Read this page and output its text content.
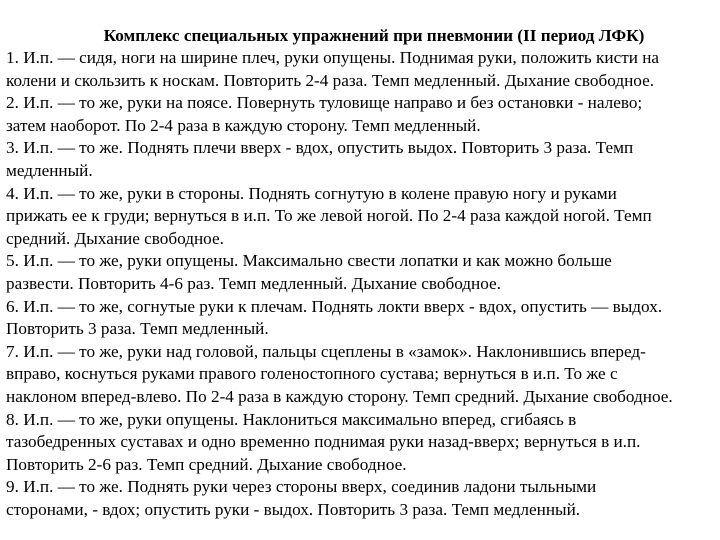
Комплекс специальных упражнений при пневмонии (II период ЛФК)
1. И.п. — сидя, ноги на ширине плеч, руки опущены. Поднимая руки, положить кисти на
колени и скользить к носкам. Повторить 2-4 раза. Темп медленный. Дыхание свободное.
2. И.п. — то же, руки на поясе. Повернуть туловище направо и без остановки - налево;
затем наоборот. По 2-4 раза в каждую сторону. Темп медленный.
3. И.п. — то же. Поднять плечи вверх - вдох, опустить выдох. Повторить 3 раза. Темп
медленный.
4. И.п. — то же, руки в стороны. Поднять согнутую в колене правую ногу и руками
прижать ее к груди; вернуться в и.п. То же левой ногой. По 2-4 раза каждой ногой. Темп
средний. Дыхание свободное.
5. И.п. — то же, руки опущены. Максимально свести лопатки и как можно больше
развести. Повторить 4-6 раз. Темп медленный. Дыхание свободное.
6. И.п. — то же, согнутые руки к плечам. Поднять локти вверх - вдох, опустить — выдох.
Повторить 3 раза. Темп медленный.
7. И.п. — то же, руки над головой, пальцы сцеплены в «замок». Наклонившись вперед-
вправо, коснуться руками правого голеностопного сустава; вернуться в и.п. То же с
наклоном вперед-влево. По 2-4 раза в каждую сторону. Темп средний. Дыхание свободное.
8. И.п. — то же, руки опущены. Наклониться максимально вперед, сгибаясь в
тазобедренных суставах и одно временно поднимая руки назад-вверх; вернуться в и.п.
Повторить 2-6 раз. Темп средний. Дыхание свободное.
9. И.п. — то же. Поднять руки через стороны вверх, соединив ладони тыльными
сторонами, - вдох; опустить руки - выдох. Повторить 3 раза. Темп медленный.
